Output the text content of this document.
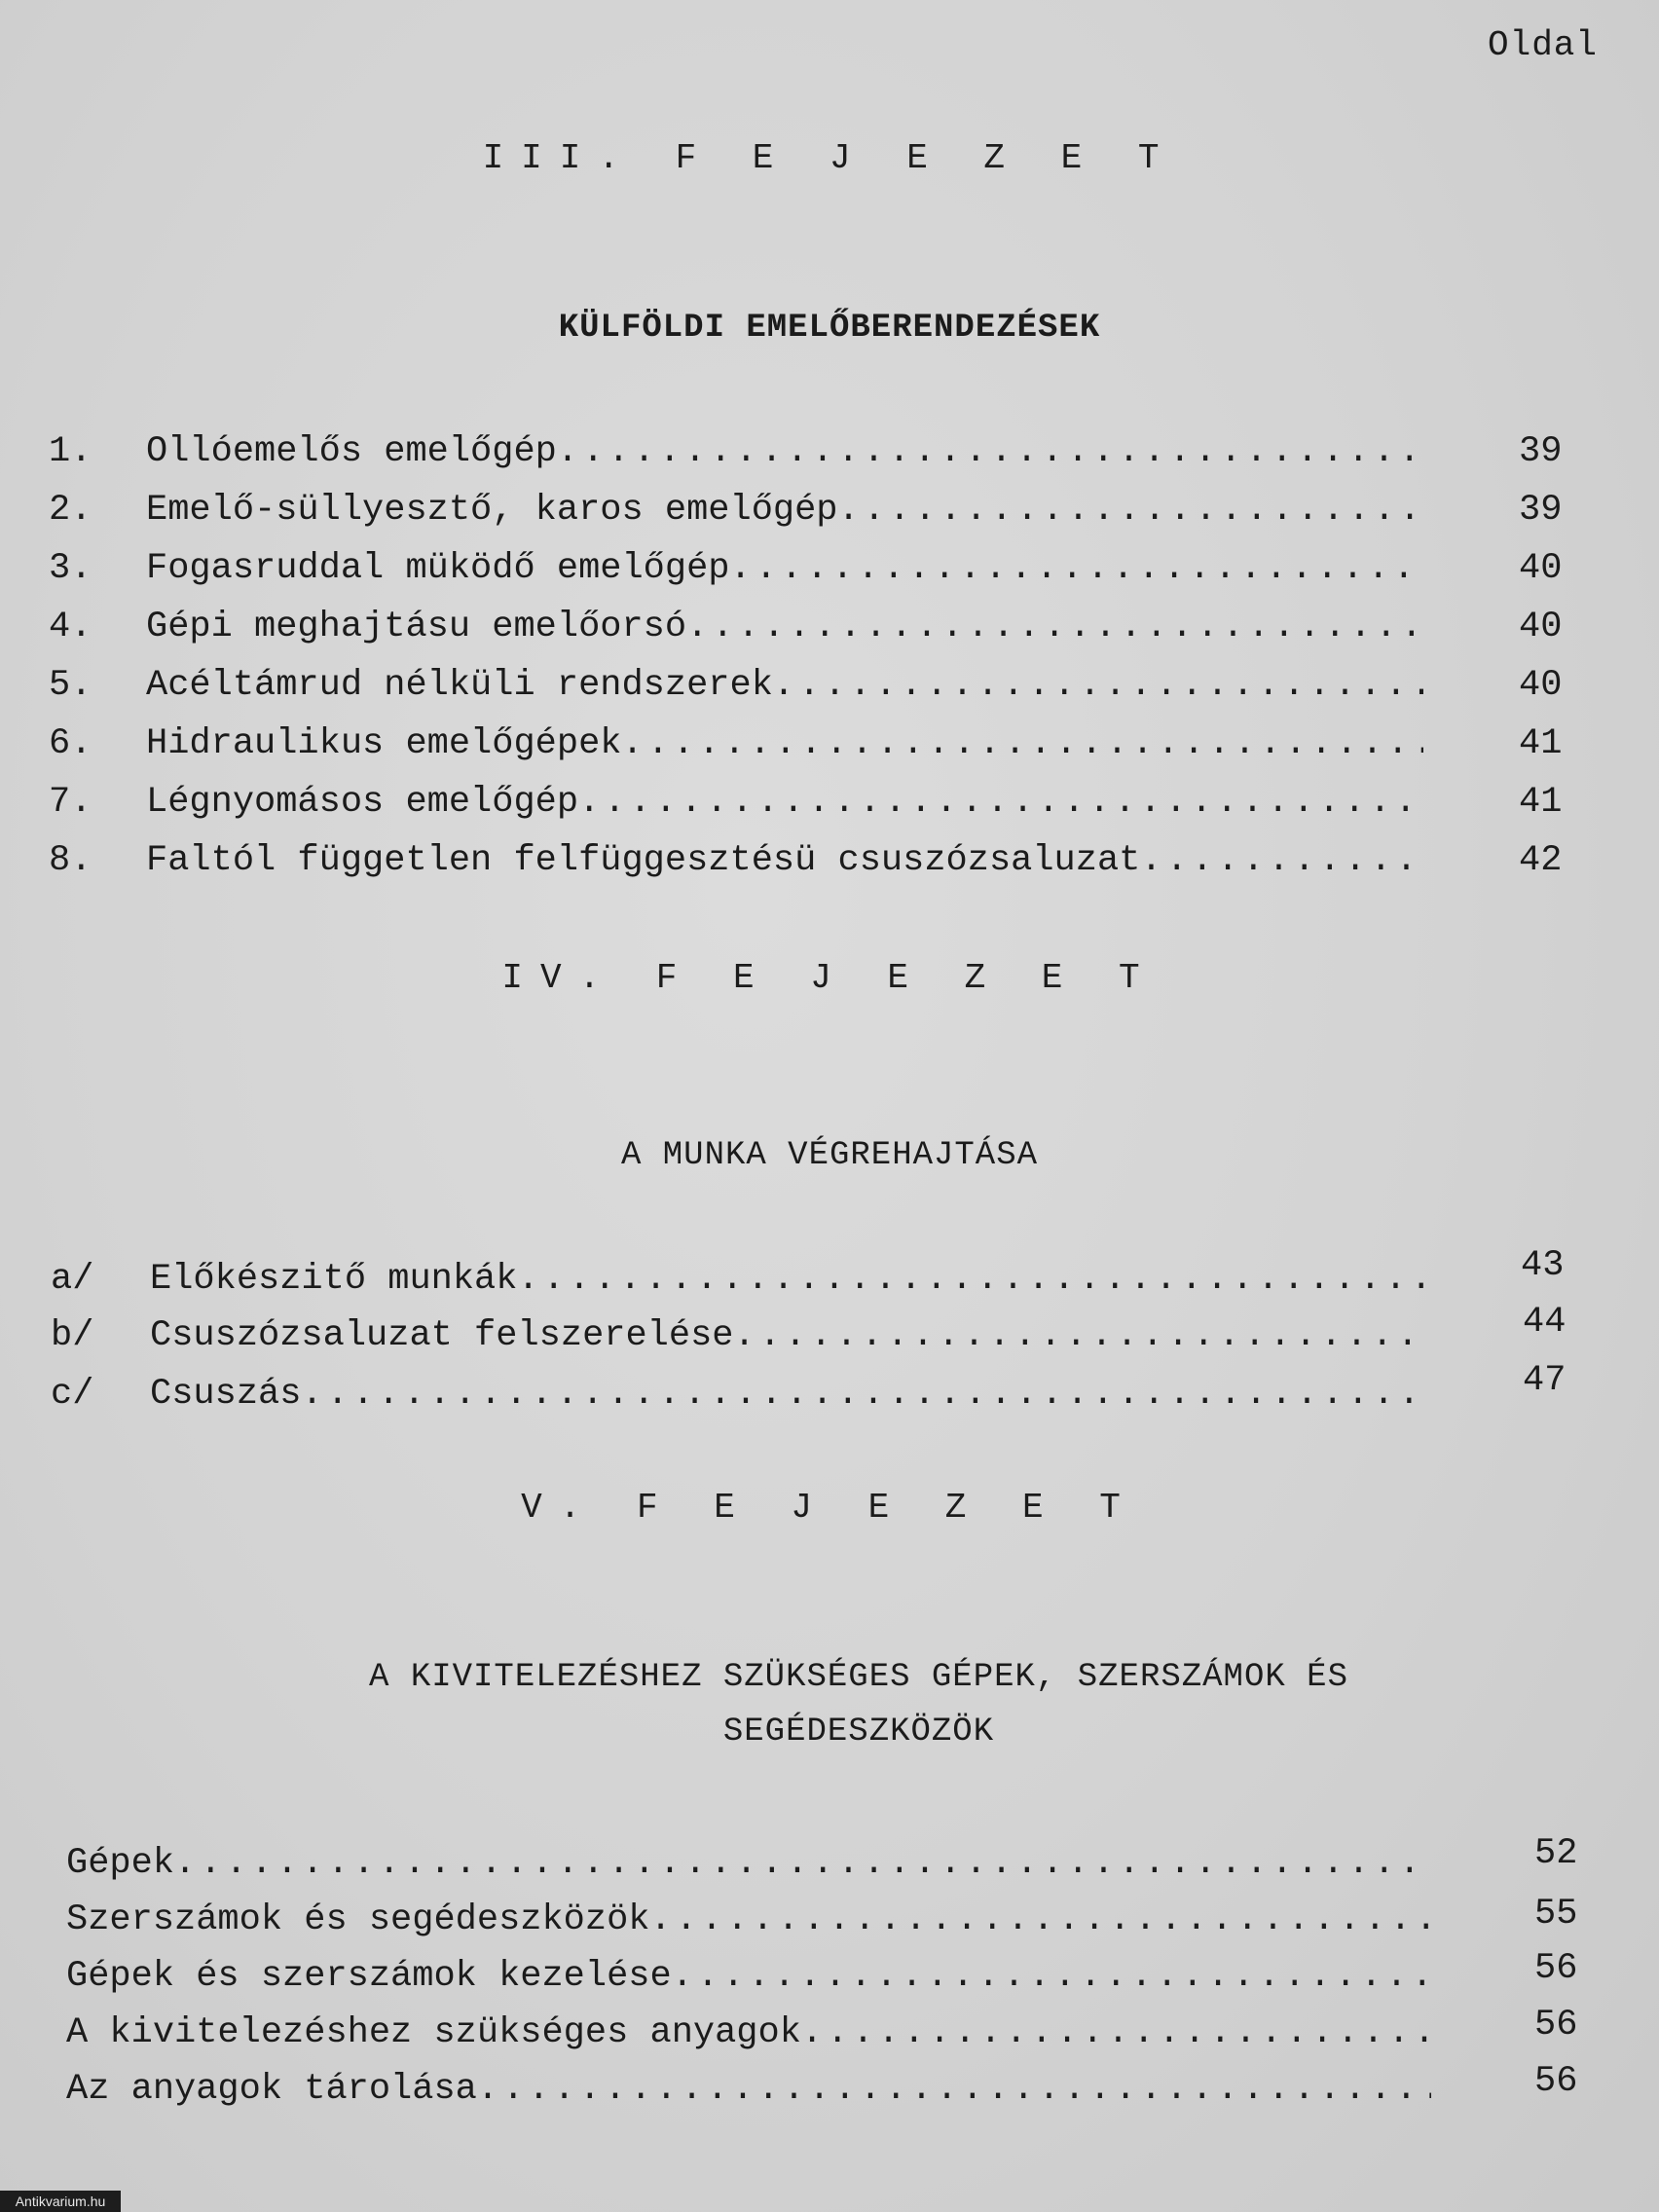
Oldal
III. F E J E Z E T
KÜLFÖLDI EMELŐBERENDEZÉSEK
1. Ollóemelős emelőgép .....	39
2. Emelő-süllyesztő, karos emelőgép .....	39
3. Fogasruddal müködő emelőgép .....	40
4. Gépi meghajtásu emelőorsó .....	40
5. Acéltámrud nélküli rendszerek .....	40
6. Hidraulikus emelőgépek .....	41
7. Légnyomásos emelőgép .....	41
8. Faltól független felfüggesztésü csuszózsaluzat .....	42
IV. F E J E Z E T
A MUNKA VÉGREHAJTÁSA
a/ Előkészitő munkák .....	43
b/ Csuszózsaluzat felszerelése .....	44
c/ Csuszás .....	47
V. F E J E Z E T
A KIVITELEZÉSHEZ SZÜKSÉGES GÉPEK, SZERSZÁMOK ÉS
SEGÉDESZKÖZÖK
Gépek .....	52
Szerszámok és segédeszközök .....	55
Gépek és szerszámok kezelése .....	56
A kivitelezéshez szükséges anyagok .....	56
Az anyagok tárolása .....	56
Antikvarium.hu
